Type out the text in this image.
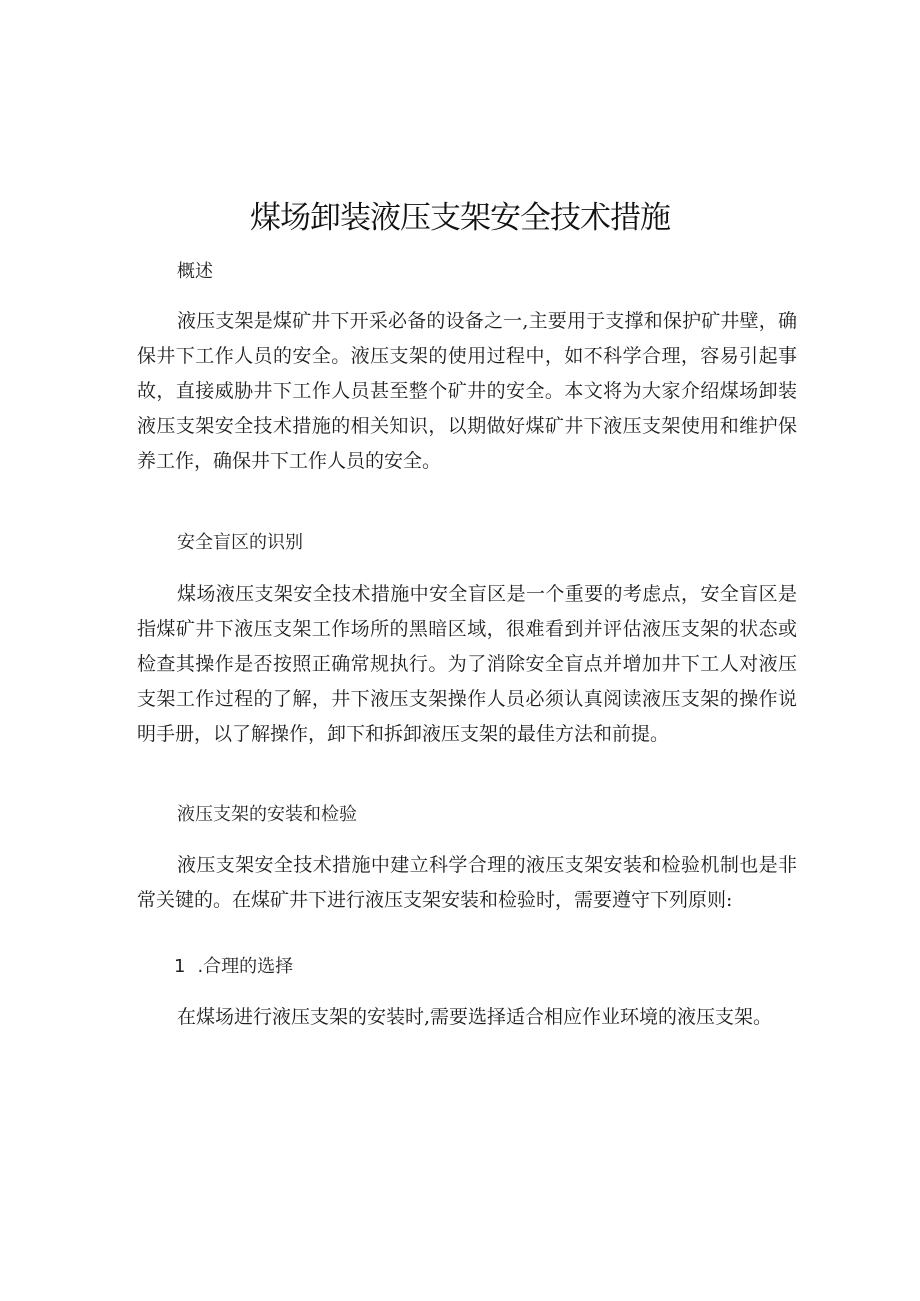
煤场卸装液压支架安全技术措施

概述

液压支架是煤矿井下开采必备的设备之一,主要用于支撑和保护矿井壁，确保井下工作人员的安全。液压支架的使用过程中，如不科学合理，容易引起事故，直接威胁井下工作人员甚至整个矿井的安全。本文将为大家介绍煤场卸装液压支架安全技术措施的相关知识，以期做好煤矿井下液压支架使用和维护保养工作，确保井下工作人员的安全。

安全盲区的识别

煤场液压支架安全技术措施中安全盲区是一个重要的考虑点，安全盲区是指煤矿井下液压支架工作场所的黑暗区域，很难看到并评估液压支架的状态或检查其操作是否按照正确常规执行。为了消除安全盲点并增加井下工人对液压支架工作过程的了解，井下液压支架操作人员必须认真阅读液压支架的操作说明手册，以了解操作，卸下和拆卸液压支架的最佳方法和前提。

液压支架的安装和检验

液压支架安全技术措施中建立科学合理的液压支架安装和检验机制也是非常关键的。在煤矿井下进行液压支架安装和检验时，需要遵守下列原则:

1 .合理的选择

在煤场进行液压支架的安装时,需要选择适合相应作业环境的液压支架。
